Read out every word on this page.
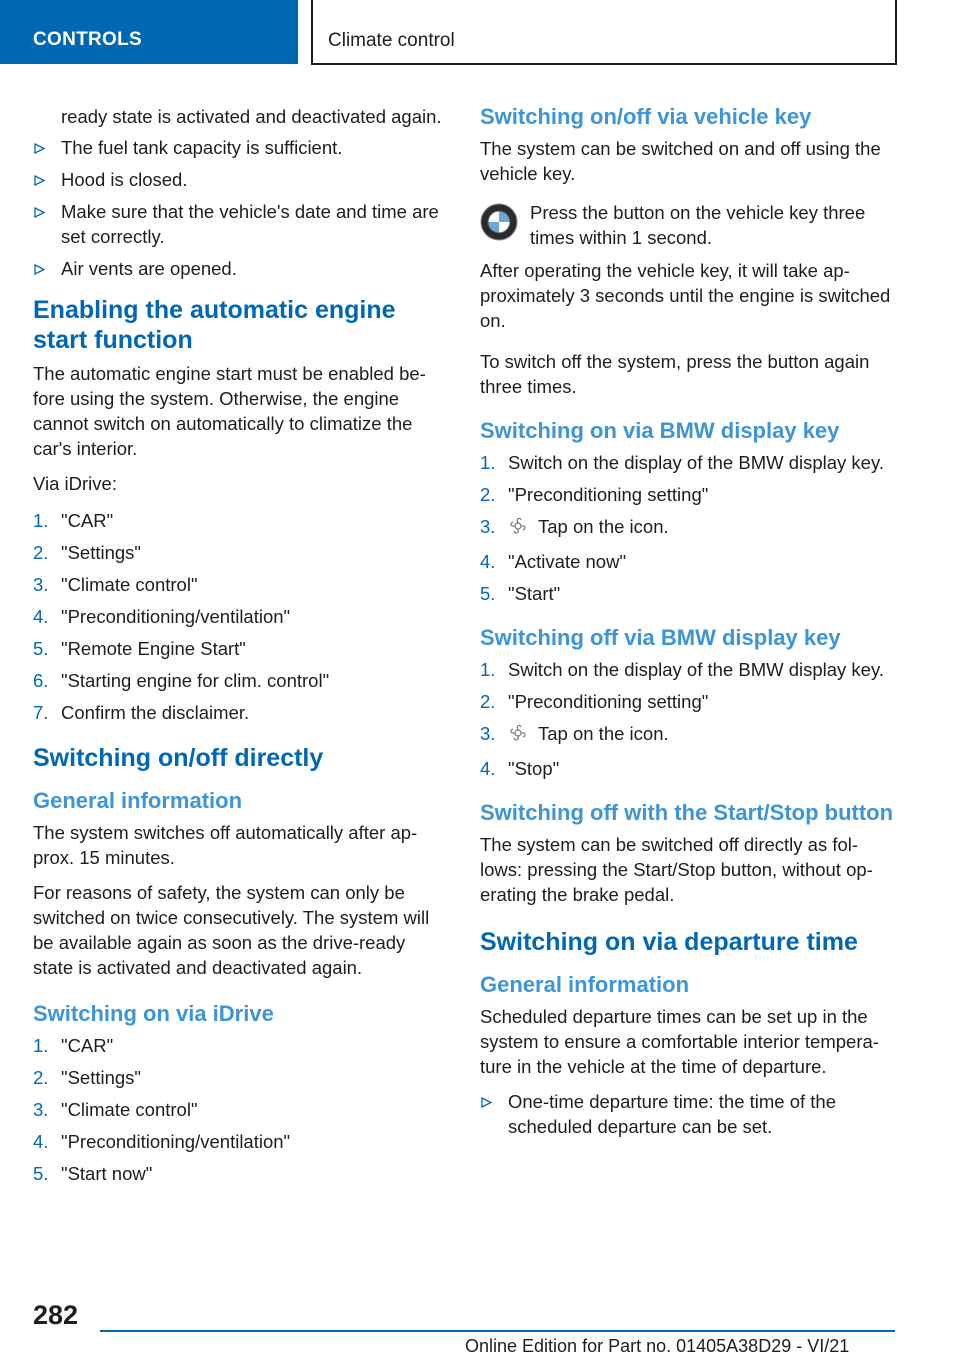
CONTROLS	Climate control
ready state is activated and deactivated again.
The fuel tank capacity is sufficient.
Hood is closed.
Make sure that the vehicle's date and time are set correctly.
Air vents are opened.
Enabling the automatic engine start function

The automatic engine start must be enabled be‐fore using the system. Otherwise, the engine cannot switch on automatically to climatize the car's interior.

Via iDrive:

1. "CAR"
2. "Settings"
3. "Climate control"
4. "Preconditioning/ventilation"
5. "Remote Engine Start"
6. "Starting engine for clim. control"
7. Confirm the disclaimer.
Switching on/off directly
General information

The system switches off automatically after ap‐prox. 15 minutes.

For reasons of safety, the system can only be switched on twice consecutively. The system will be available again as soon as the drive-ready state is activated and deactivated again.

Switching on via iDrive
1. "CAR"
2. "Settings"
3. "Climate control"
4. "Preconditioning/ventilation"
5. "Start now"
Switching on/off via vehicle key

The system can be switched on and off using the vehicle key.

Press the button on the vehicle key three times within 1 second.

After operating the vehicle key, it will take ap‐proximately 3 seconds until the engine is switched on.

To switch off the system, press the button again three times.

Switching on via BMW display key
1. Switch on the display of the BMW display key.
2. "Preconditioning setting"
3. Tap on the icon.
4. "Activate now"
5. "Start"
Switching off via BMW display key
1. Switch on the display of the BMW display key.
2. "Preconditioning setting"
3. Tap on the icon.
4. "Stop"
Switching off with the Start/Stop button

The system can be switched off directly as fol‐lows: pressing the Start/Stop button, without op‐erating the brake pedal.

Switching on via departure time
General information

Scheduled departure times can be set up in the system to ensure a comfortable interior tempera‐ture in the vehicle at the time of departure.

One-time departure time: the time of the scheduled departure can be set.
282
Online Edition for Part no. 01405A38D29 - VI/21
